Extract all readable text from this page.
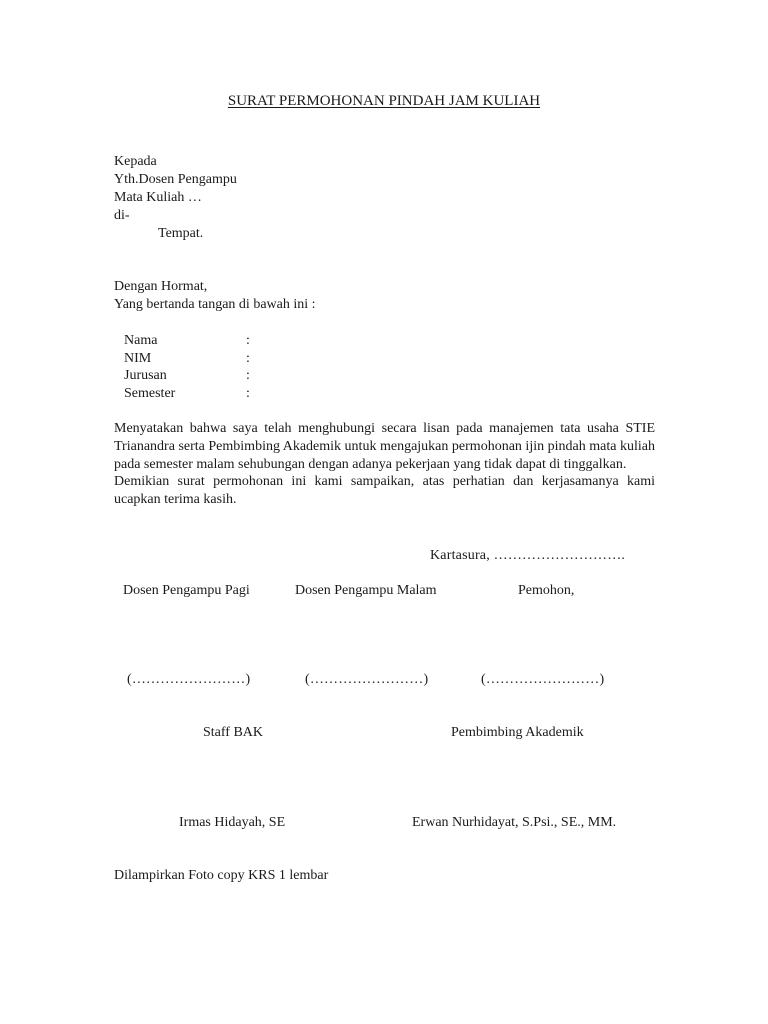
SURAT PERMOHONAN PINDAH JAM KULIAH
Kepada
Yth.Dosen Pengampu
Mata Kuliah …
di-
Tempat.
Dengan Hormat,
Yang bertanda tangan di bawah ini :
Nama	:
NIM	:
Jurusan	:
Semester	:

Menyatakan bahwa saya telah menghubungi secara lisan pada manajemen tata usaha STIE Trianandra serta Pembimbing Akademik untuk mengajukan permohonan ijin pindah mata kuliah pada semester malam sehubungan dengan adanya pekerjaan yang tidak dapat di tinggalkan.

Demikian surat permohonan ini kami sampaikan, atas perhatian dan kerjasamanya kami ucapkan terima kasih.

Kartasura, ……………………….
Dosen Pengampu Pagi	Dosen Pengampu Malam	Pemohon,
(……………………)	(……………………)	(……………………)
Staff BAK	Pembimbing Akademik
Irmas Hidayah, SE	Erwan Nurhidayat, S.Psi., SE., MM.
Dilampirkan Foto copy KRS 1 lembar
